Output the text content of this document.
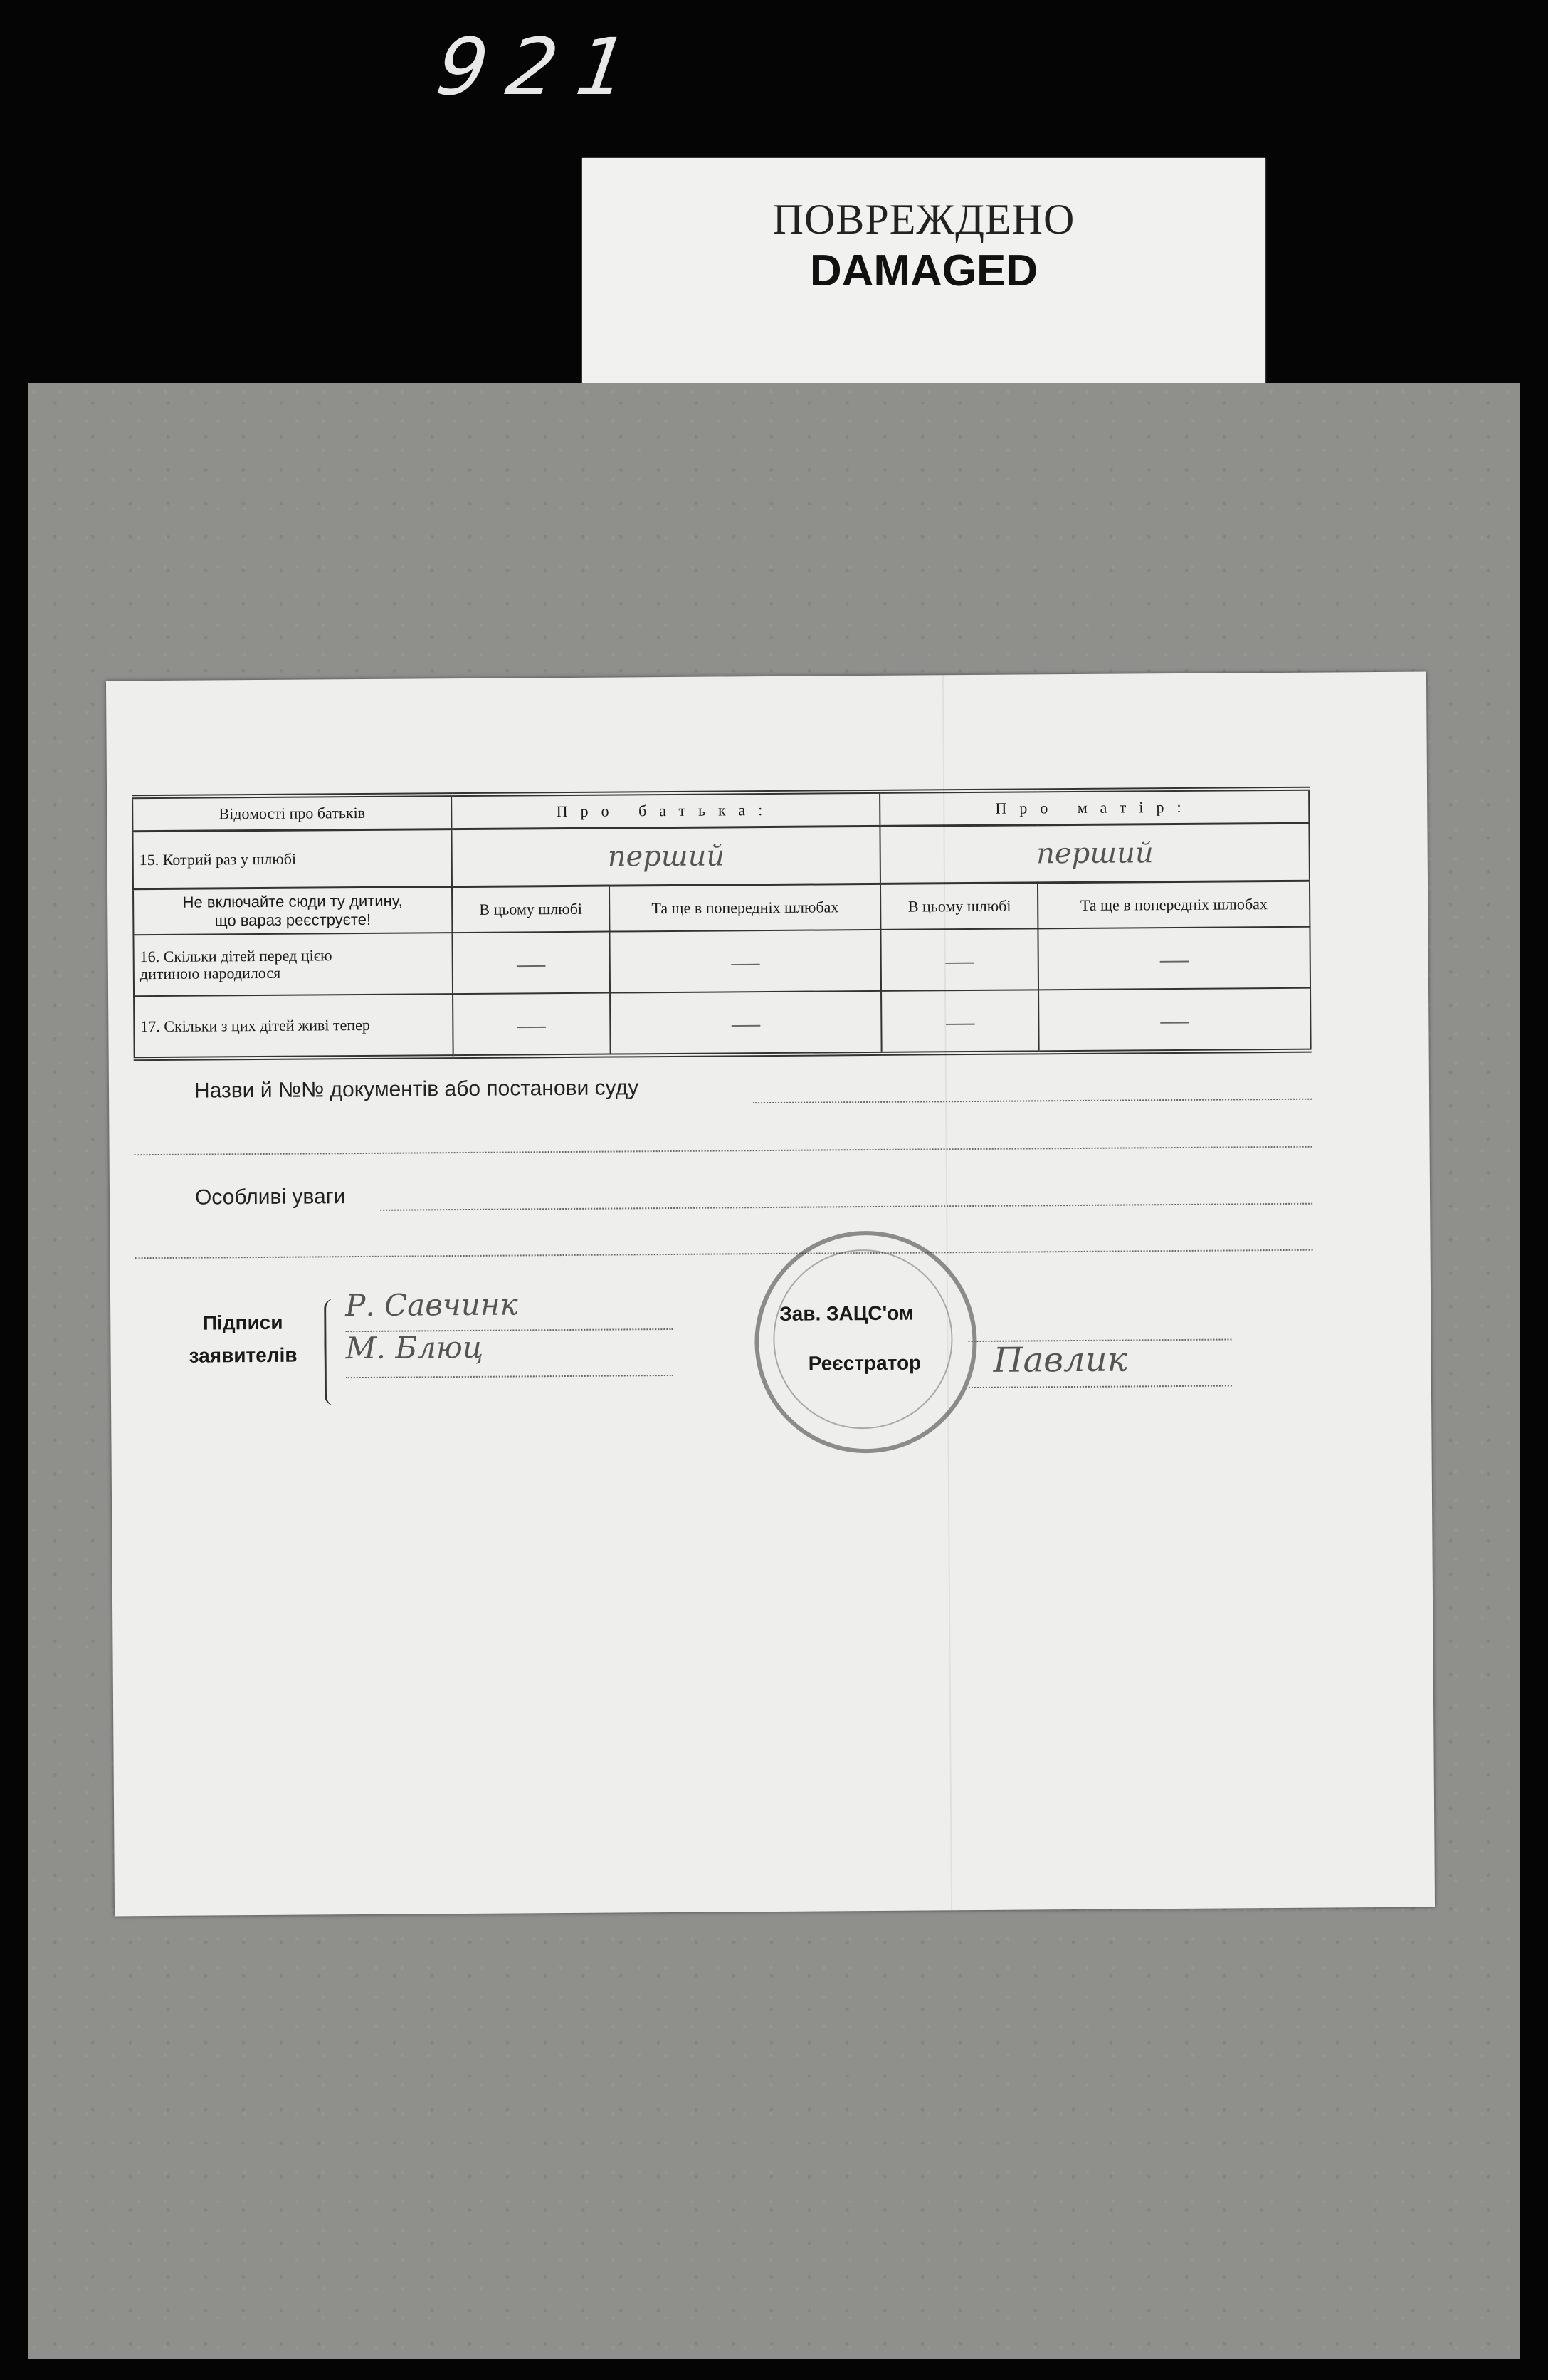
921
ПОВРЕЖДЕНО
DAMAGED
Відомості про батьків	Про батька:		Про матір:	
15. Котрий раз у шлюбі	перший		перший	

Не включайте сюди ту дитину,
що вараз реєструєте!	В цьому шлюбі	Та ще в попередніх шлюбах	В цьому шлюбі	Та ще в попередніх шлюбах

16. Скільки дітей перед цією
дитиною народилося	—	—	—	—
17. Скільки з цих дітей живі тепер	—	—	—	—
Назви й №№ документів або постанови суду
Особливі уваги
Підписи
заявителів
Р. Савчинк
М. Блюц
Зав. ЗАЦС'ом
Реєстратор Павлик
